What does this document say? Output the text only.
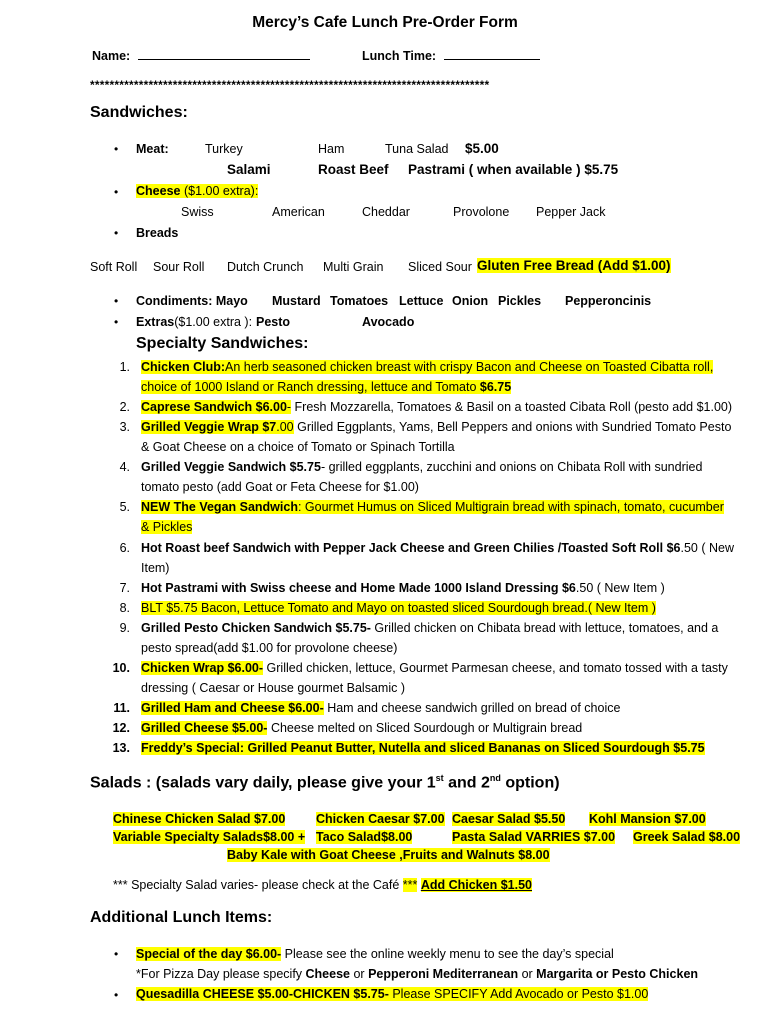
Mercy’s Cafe Lunch Pre-Order Form
Name:	Lunch Time:
**********************************************************************************
Sandwiches:
• Meat:	Turkey	Ham	Tuna Salad $5.00
Salami	Roast Beef Pastrami ( when available ) $5.75
• Cheese ($1.00 extra):
Swiss	American	Cheddar	Provolone Pepper Jack
• Breads
Soft Roll Sour Roll Dutch Crunch Multi Grain Sliced Sour Gluten Free Bread (Add $1.00)
• Condiments: Mayo Mustard Tomatoes Lettuce Onion Pickles Pepperoncinis
• Extras($1.00 extra ): Pesto	Avocado
Specialty Sandwiches:
1. Chicken Club:An herb seasoned chicken breast with crispy Bacon and Cheese on Toasted Cibatta roll,
choice of 1000 Island or Ranch dressing, lettuce and Tomato $6.75
2. Caprese Sandwich $6.00- Fresh Mozzarella, Tomatoes & Basil on a toasted Cibata Roll (pesto add $1.00)
3. Grilled Veggie Wrap $7.00 Grilled Eggplants, Yams, Bell Peppers and onions with Sundried Tomato Pesto
& Goat Cheese on a choice of Tomato or Spinach Tortilla
4. Grilled Veggie Sandwich $5.75- grilled eggplants, zucchini and onions on Chibata Roll with sundried
tomato pesto (add Goat or Feta Cheese for $1.00)
5. NEW The Vegan Sandwich: Gourmet Humus on Sliced Multigrain bread with spinach, tomato, cucumber
& Pickles
6. Hot Roast beef Sandwich with Pepper Jack Cheese and Green Chilies /Toasted Soft Roll $6.50 ( New
Item)
7. Hot Pastrami with Swiss cheese and Home Made 1000 Island Dressing $6.50 ( New Item )
8. BLT $5.75 Bacon, Lettuce Tomato and Mayo on toasted sliced Sourdough bread.( New Item )
9. Grilled Pesto Chicken Sandwich $5.75- Grilled chicken on Chibata bread with lettuce, tomatoes, and a
pesto spread(add $1.00 for provolone cheese)
10. Chicken Wrap $6.00- Grilled chicken, lettuce, Gourmet Parmesan cheese, and tomato tossed with a tasty
dressing ( Caesar or House gourmet Balsamic )
11. Grilled Ham and Cheese $6.00- Ham and cheese sandwich grilled on bread of choice
12. Grilled Cheese $5.00- Cheese melted on Sliced Sourdough or Multigrain bread
13. Freddy’s Special: Grilled Peanut Butter, Nutella and sliced Bananas on Sliced Sourdough $5.75
Salads : (salads vary daily, please give your 1st and 2nd option)
Chinese Chicken Salad $7.00 Chicken Caesar $7.00 Caesar Salad $5.50 Kohl Mansion $7.00
Variable Specialty Salads$8.00 + Taco Salad$8.00	Pasta Salad VARRIES $7.00 Greek Salad $8.00
Baby Kale with Goat Cheese ,Fruits and Walnuts $8.00
*** Specialty Salad varies- please check at the Café *** Add Chicken $1.50
Additional Lunch Items:
• Special of the day $6.00- Please see the online weekly menu to see the day’s special
*For Pizza Day please specify Cheese or Pepperoni Mediterranean or Margarita or Pesto Chicken
• Quesadilla CHEESE $5.00-CHICKEN $5.75- Please SPECIFY Add Avocado or Pesto $1.00
